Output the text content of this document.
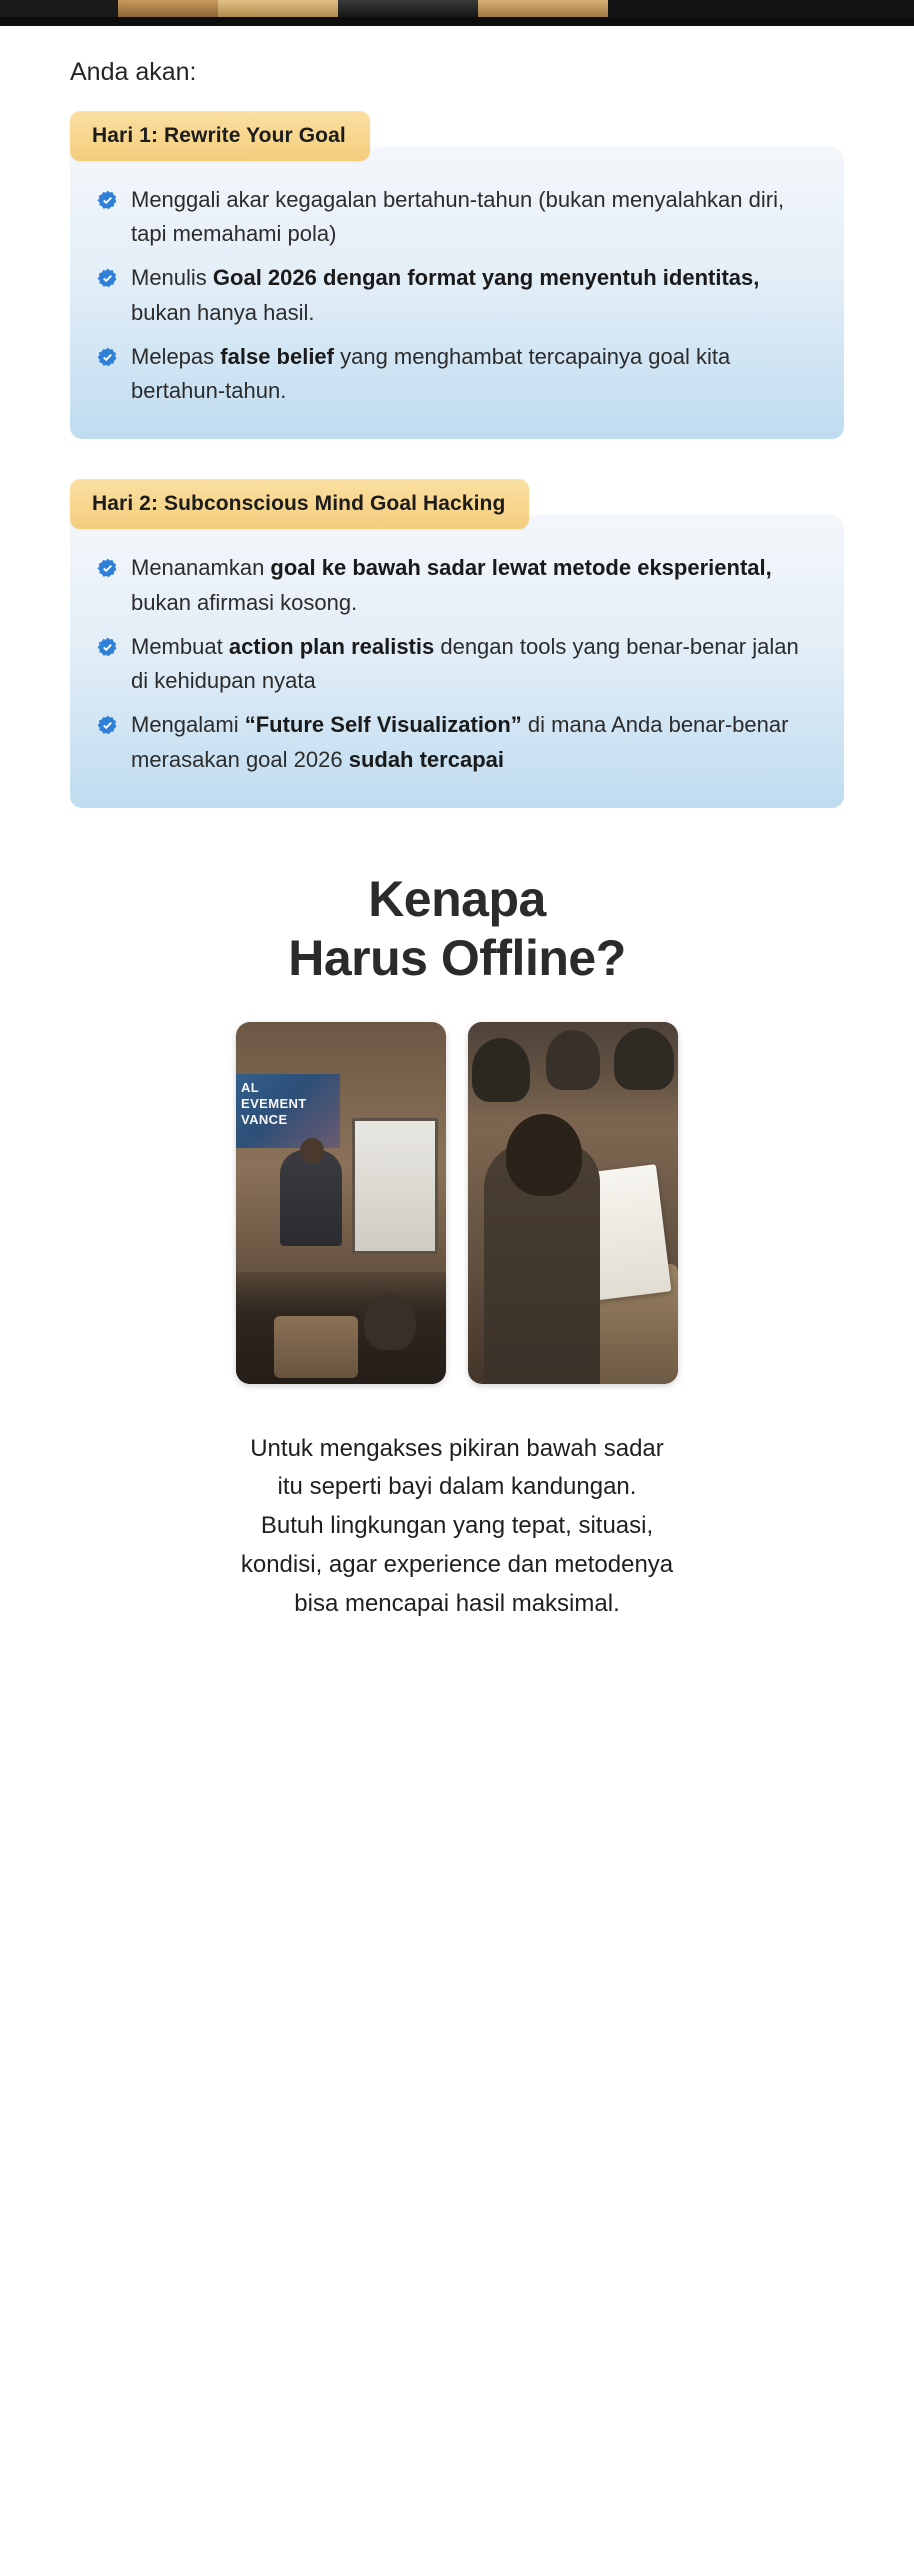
Anda akan:
Hari 1: Rewrite Your Goal
Menggali akar kegagalan bertahun-tahun (bukan menyalahkan diri, tapi memahami pola)
Menulis Goal 2026 dengan format yang menyentuh identitas, bukan hanya hasil.
Melepas false belief yang menghambat tercapainya goal kita bertahun-tahun.
Hari 2: Subconscious Mind Goal Hacking
Menanamkan goal ke bawah sadar lewat metode eksperiental, bukan afirmasi kosong.
Membuat action plan realistis dengan tools yang benar-benar jalan di kehidupan nyata
Mengalami “Future Self Visualization” di mana Anda benar-benar merasakan goal 2026 sudah tercapai
Kenapa
Harus Offline?
AL
EVEMENT
VANCE
Untuk mengakses pikiran bawah sadar
itu seperti bayi dalam kandungan.
Butuh lingkungan yang tepat, situasi,
kondisi, agar experience dan metodenya
bisa mencapai hasil maksimal.
